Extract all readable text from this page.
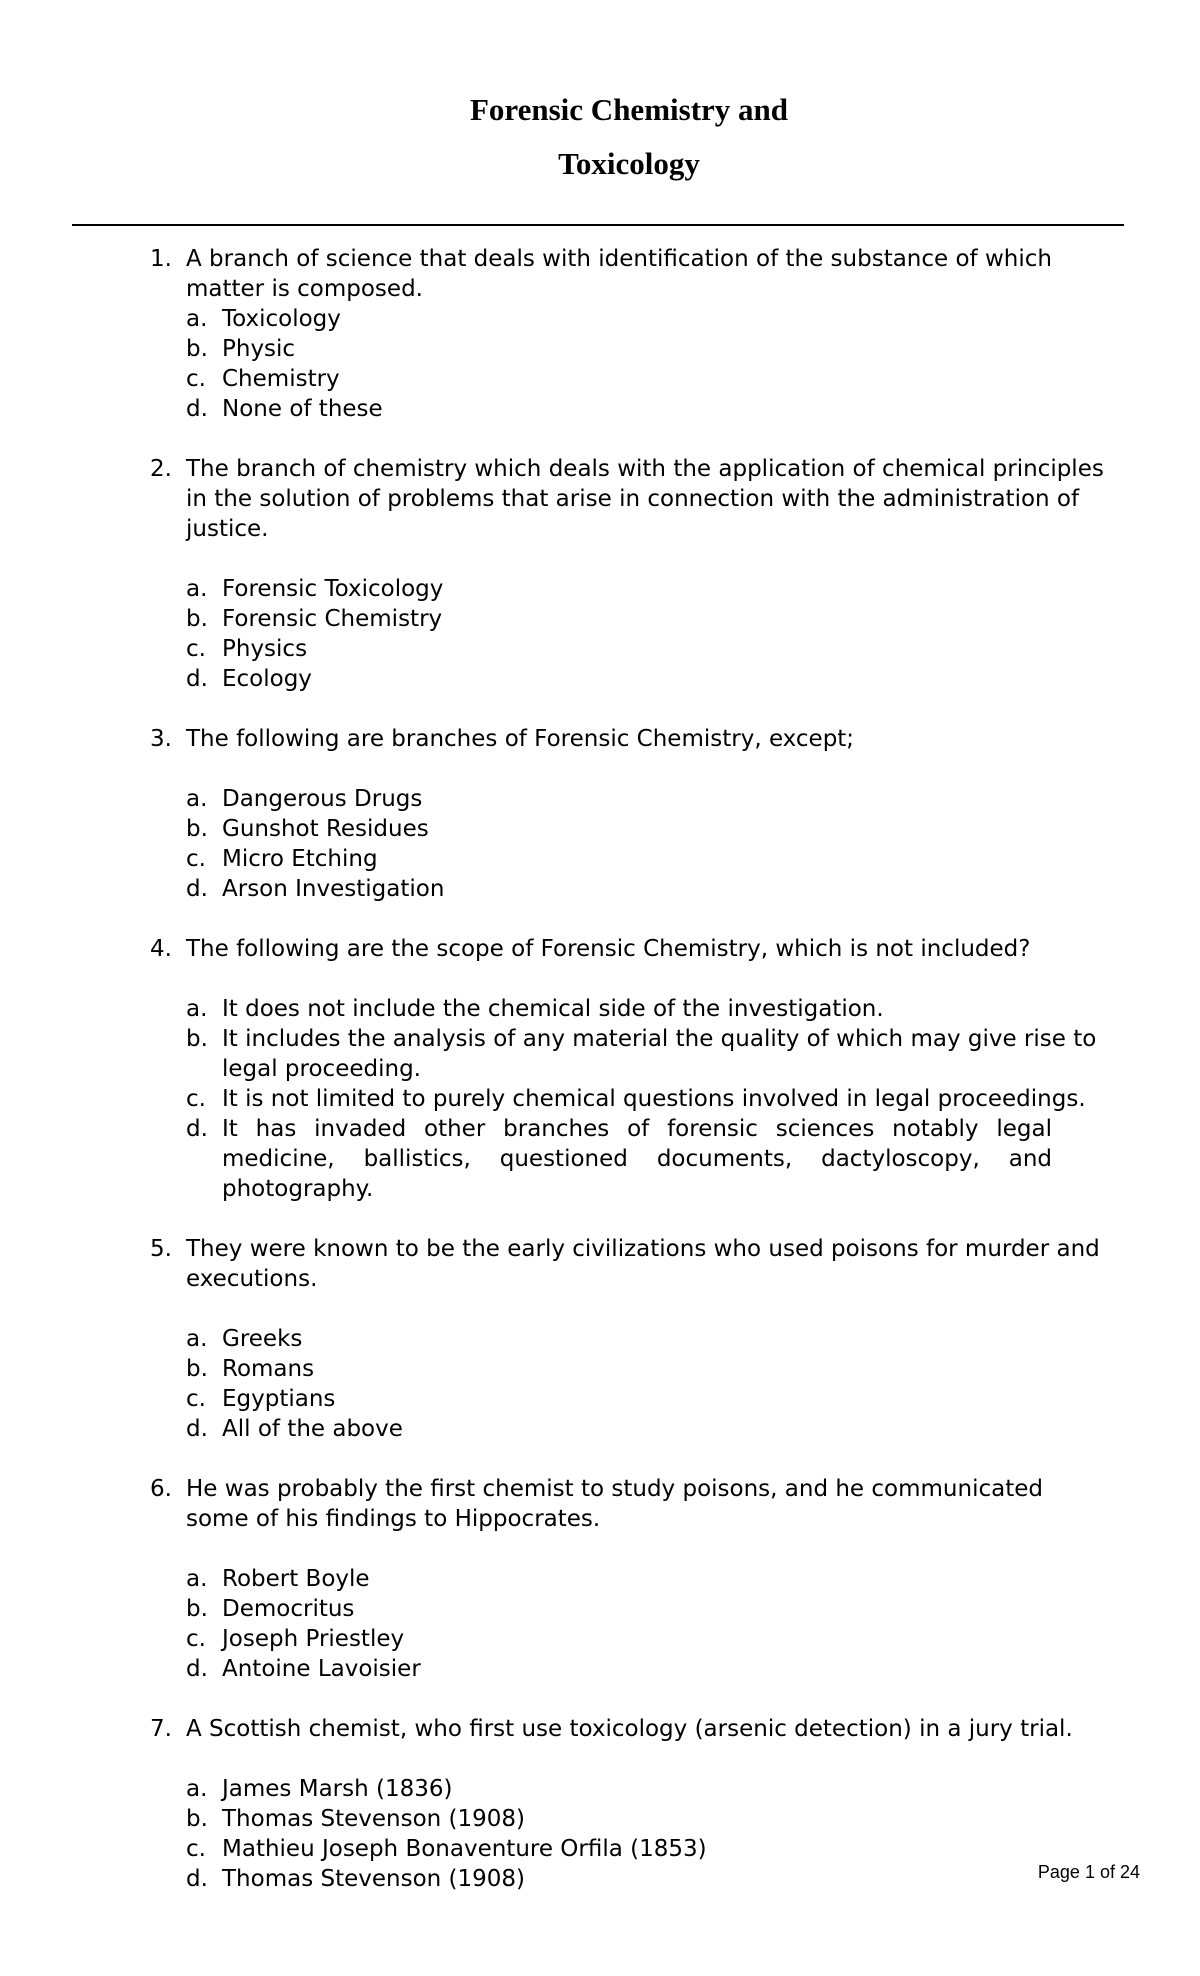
Forensic Chemistry and
Toxicology
1. A branch of science that deals with identification of the substance of which matter is composed.
a. Toxicology
b. Physic
c. Chemistry
d. None of these
2. The branch of chemistry which deals with the application of chemical principles in the solution of problems that arise in connection with the administration of justice.
a. Forensic Toxicology
b. Forensic Chemistry
c. Physics
d. Ecology
3. The following are branches of Forensic Chemistry, except;
a. Dangerous Drugs
b. Gunshot Residues
c. Micro Etching
d. Arson Investigation
4. The following are the scope of Forensic Chemistry, which is not included?
a. It does not include the chemical side of the investigation.
b. It includes the analysis of any material the quality of which may give rise to legal proceeding.
c. It is not limited to purely chemical questions involved in legal proceedings.
d. It has invaded other branches of forensic sciences notably legal medicine, ballistics, questioned documents, dactyloscopy, and photography.
5. They were known to be the early civilizations who used poisons for murder and executions.
a. Greeks
b. Romans
c. Egyptians
d. All of the above
6. He was probably the first chemist to study poisons, and he communicated some of his findings to Hippocrates.
a. Robert Boyle
b. Democritus
c. Joseph Priestley
d. Antoine Lavoisier
7. A Scottish chemist, who first use toxicology (arsenic detection) in a jury trial.
a. James Marsh (1836)
b. Thomas Stevenson (1908)
c. Mathieu Joseph Bonaventure Orfila (1853)
d. Thomas Stevenson (1908)	Page 1 of 24
